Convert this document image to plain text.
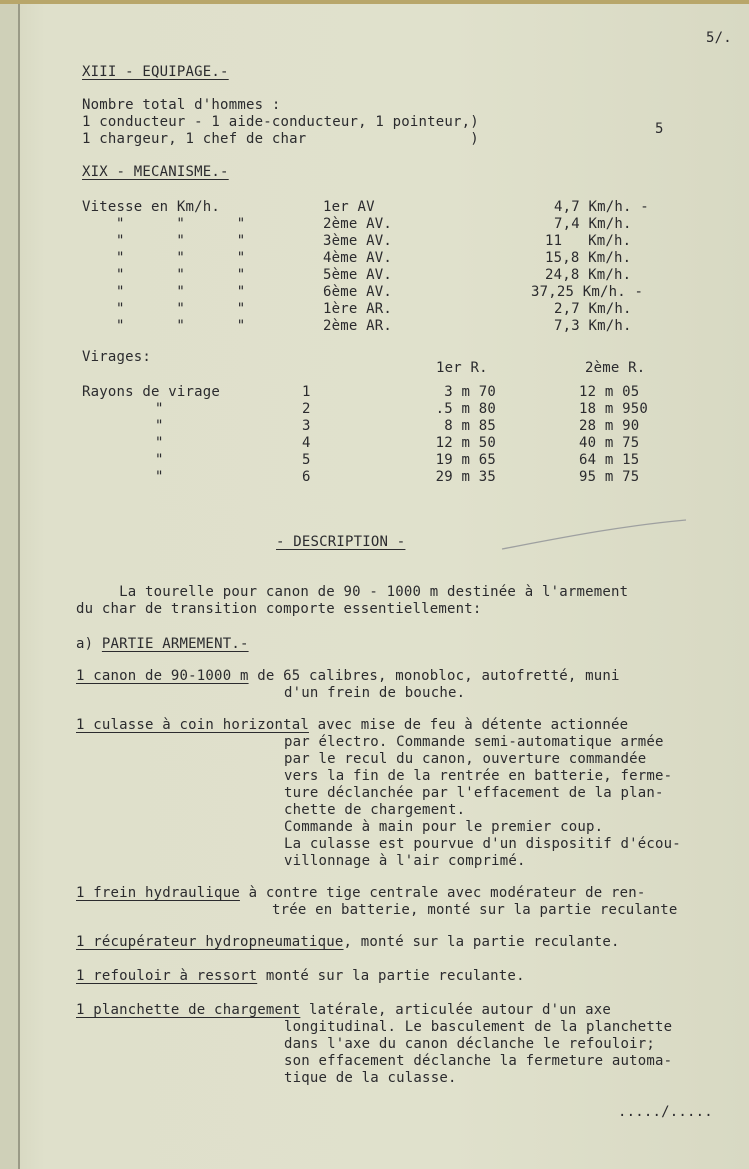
5/.
XIII - EQUIPAGE.-
Nombre total d'hommes :
1 conducteur - 1 aide-conducteur, 1 pointeur,)
1 chargeur, 1 chef de char                   )
5
XIX - MECANISME.-
Vitesse en Km/h.
"      "      "
"      "      "
"      "      "
"      "      "
"      "      "
"      "      "
"      "      "
1er AV
2ème AV.
3ème AV.
4ème AV.
5ème AV.
6ème AV.
1ère AR.
2ème AR.
4,7 Km/h. -
7,4 Km/h.
11   Km/h.
15,8 Km/h.
24,8 Km/h.
37,25 Km/h. -
2,7 Km/h.
7,3 Km/h.
Virages:
1er R.	2ème R.
Rayons de virage
"
"
"
"
"
1
2
3
4
5
6
3 m 70
.5 m 80
8 m 85
12 m 50
19 m 65
29 m 35
12 m 05
18 m 950
28 m 90
40 m 75
64 m 15
95 m 75
- DESCRIPTION -
La tourelle pour canon de 90 - 1000 m destinée à l'armement
du char de transition comporte essentiellement:
a) PARTIE ARMEMENT.-
1 canon de 90-1000 m de 65 calibres, monobloc, autofretté, muni
d'un frein de bouche.
1 culasse à coin horizontal avec mise de feu à détente actionnée
par électro. Commande semi-automatique armée
par le recul du canon, ouverture commandée
vers la fin de la rentrée en batterie, ferme-
ture déclanchée par l'effacement de la plan-
chette de chargement.
Commande à main pour le premier coup.
La culasse est pourvue d'un dispositif d'écou-
villonnage à l'air comprimé.
1 frein hydraulique à contre tige centrale avec modérateur de ren-
trée en batterie, monté sur la partie reculante
1 récupérateur hydropneumatique, monté sur la partie reculante.
1 refouloir à ressort monté sur la partie reculante.
1 planchette de chargement latérale, articulée autour d'un axe
longitudinal. Le basculement de la planchette
dans l'axe du canon déclanche le refouloir;
son effacement déclanche la fermeture automa-
tique de la culasse.
...../.....
